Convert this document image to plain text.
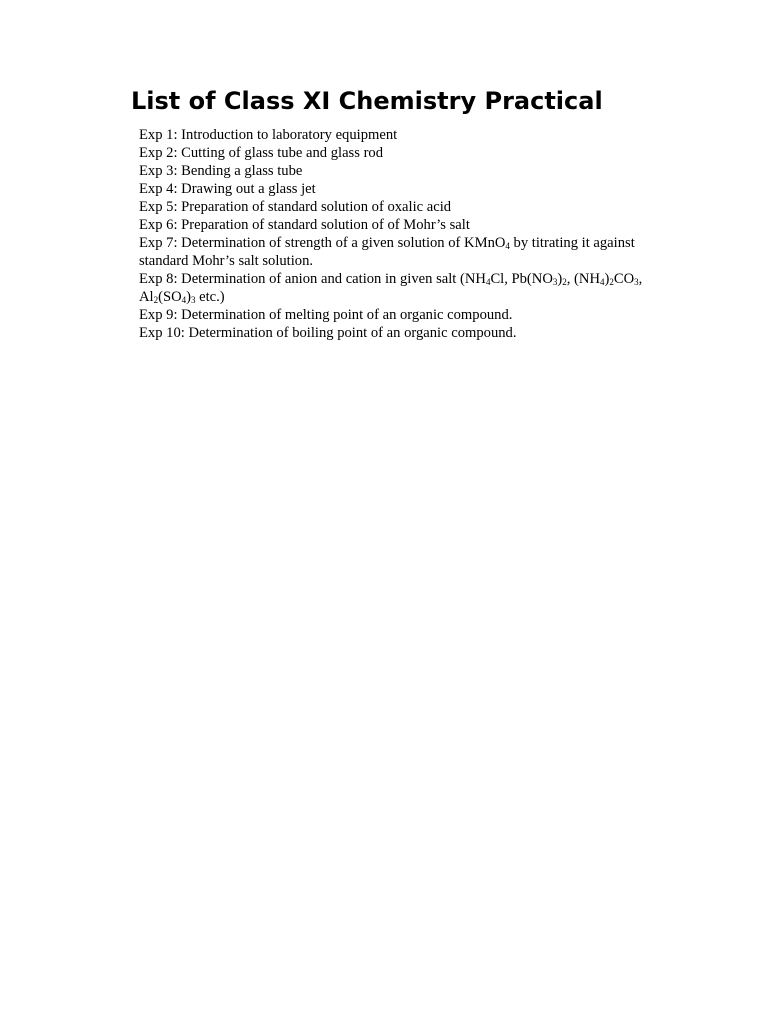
List of Class XI Chemistry Practical
Exp 1: Introduction to laboratory equipment
Exp 2: Cutting of glass tube and glass rod
Exp 3: Bending a glass tube
Exp 4: Drawing out a glass jet
Exp 5: Preparation of standard solution of oxalic acid
Exp 6: Preparation of standard solution of of Mohr’s salt
Exp 7: Determination of strength of a given solution of KMnO$_4$ by titrating it against standard Mohr’s salt solution.
Exp 8: Determination of anion and cation in given salt ($NH_4Cl$, $Pb(NO_3)_2$, $(NH_4)_2CO_3$, $Al_2(SO_4)_3$ etc.)
Exp 9: Determination of melting point of an organic compound.
Exp 10: Determination of boiling point of an organic compound.
